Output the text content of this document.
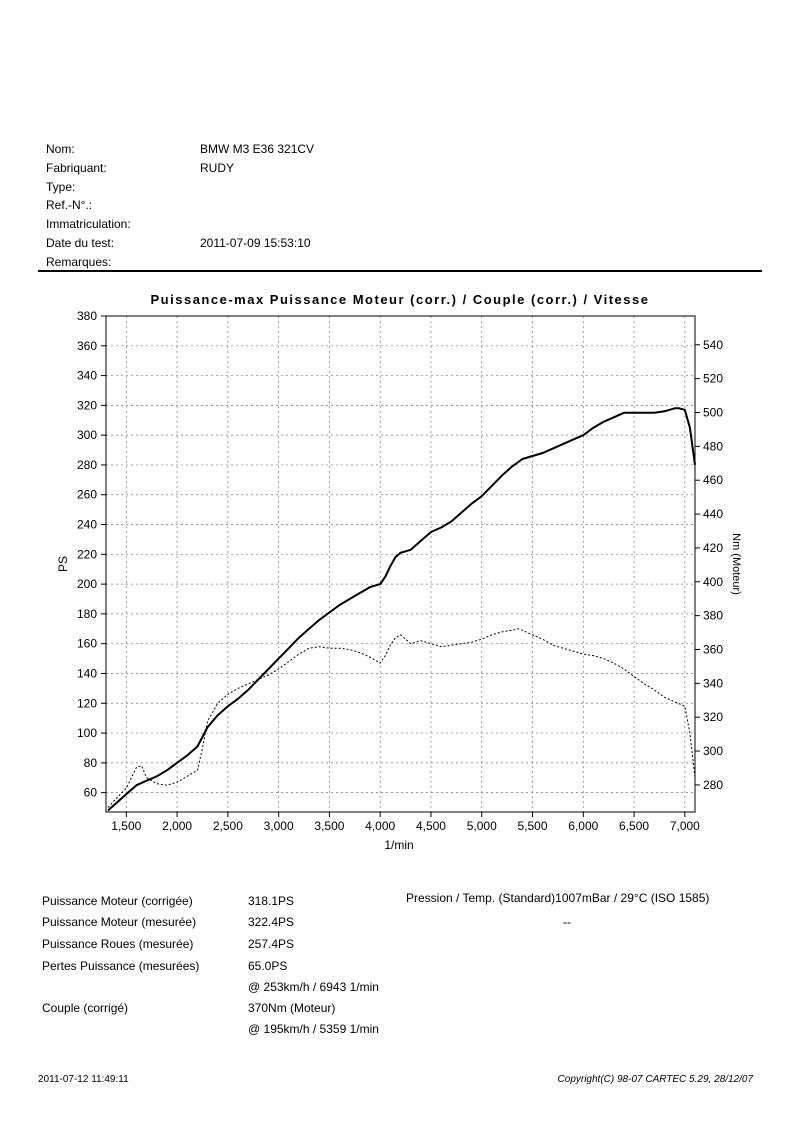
Nom:	BMW M3 E36 321CV
Fabriquant:	RUDY
Type:
Ref.-N°.:
Immatriculation:
Date du test:	2011-07-09 15:53:10
Remarques:
Puissance-max Puissance Moteur (corr.) / Couple (corr.) / Vitesse
1,500 2,000 2,500 3,000 3,500 4,000 4,500 5,000 5,500 6,000 6,500 7,000
60
80
100
120
140
160
180
200
220
240
260
280
300
320
340
360
380
280
300
320
340
360
380
400
420
440
460
480
500
520
540
1/min
PS	Nm (Moteur)
Puissance Moteur (corrigée)	318.1PS
Puissance Moteur (mesurée)	322.4PS
Puissance Roues (mesurée)	257.4PS
Pertes Puissance (mesurées)	65.0PS
@ 253km/h / 6943 1/min
Couple (corrigé)	370Nm (Moteur)
@ 195km/h / 5359 1/min
Pression / Temp. (Standard)1007mBar / 29°C (ISO 1585)
--
2011-07-12 11:49:11	Copyright(C) 98-07 CARTEC 5.29, 28/12/07
